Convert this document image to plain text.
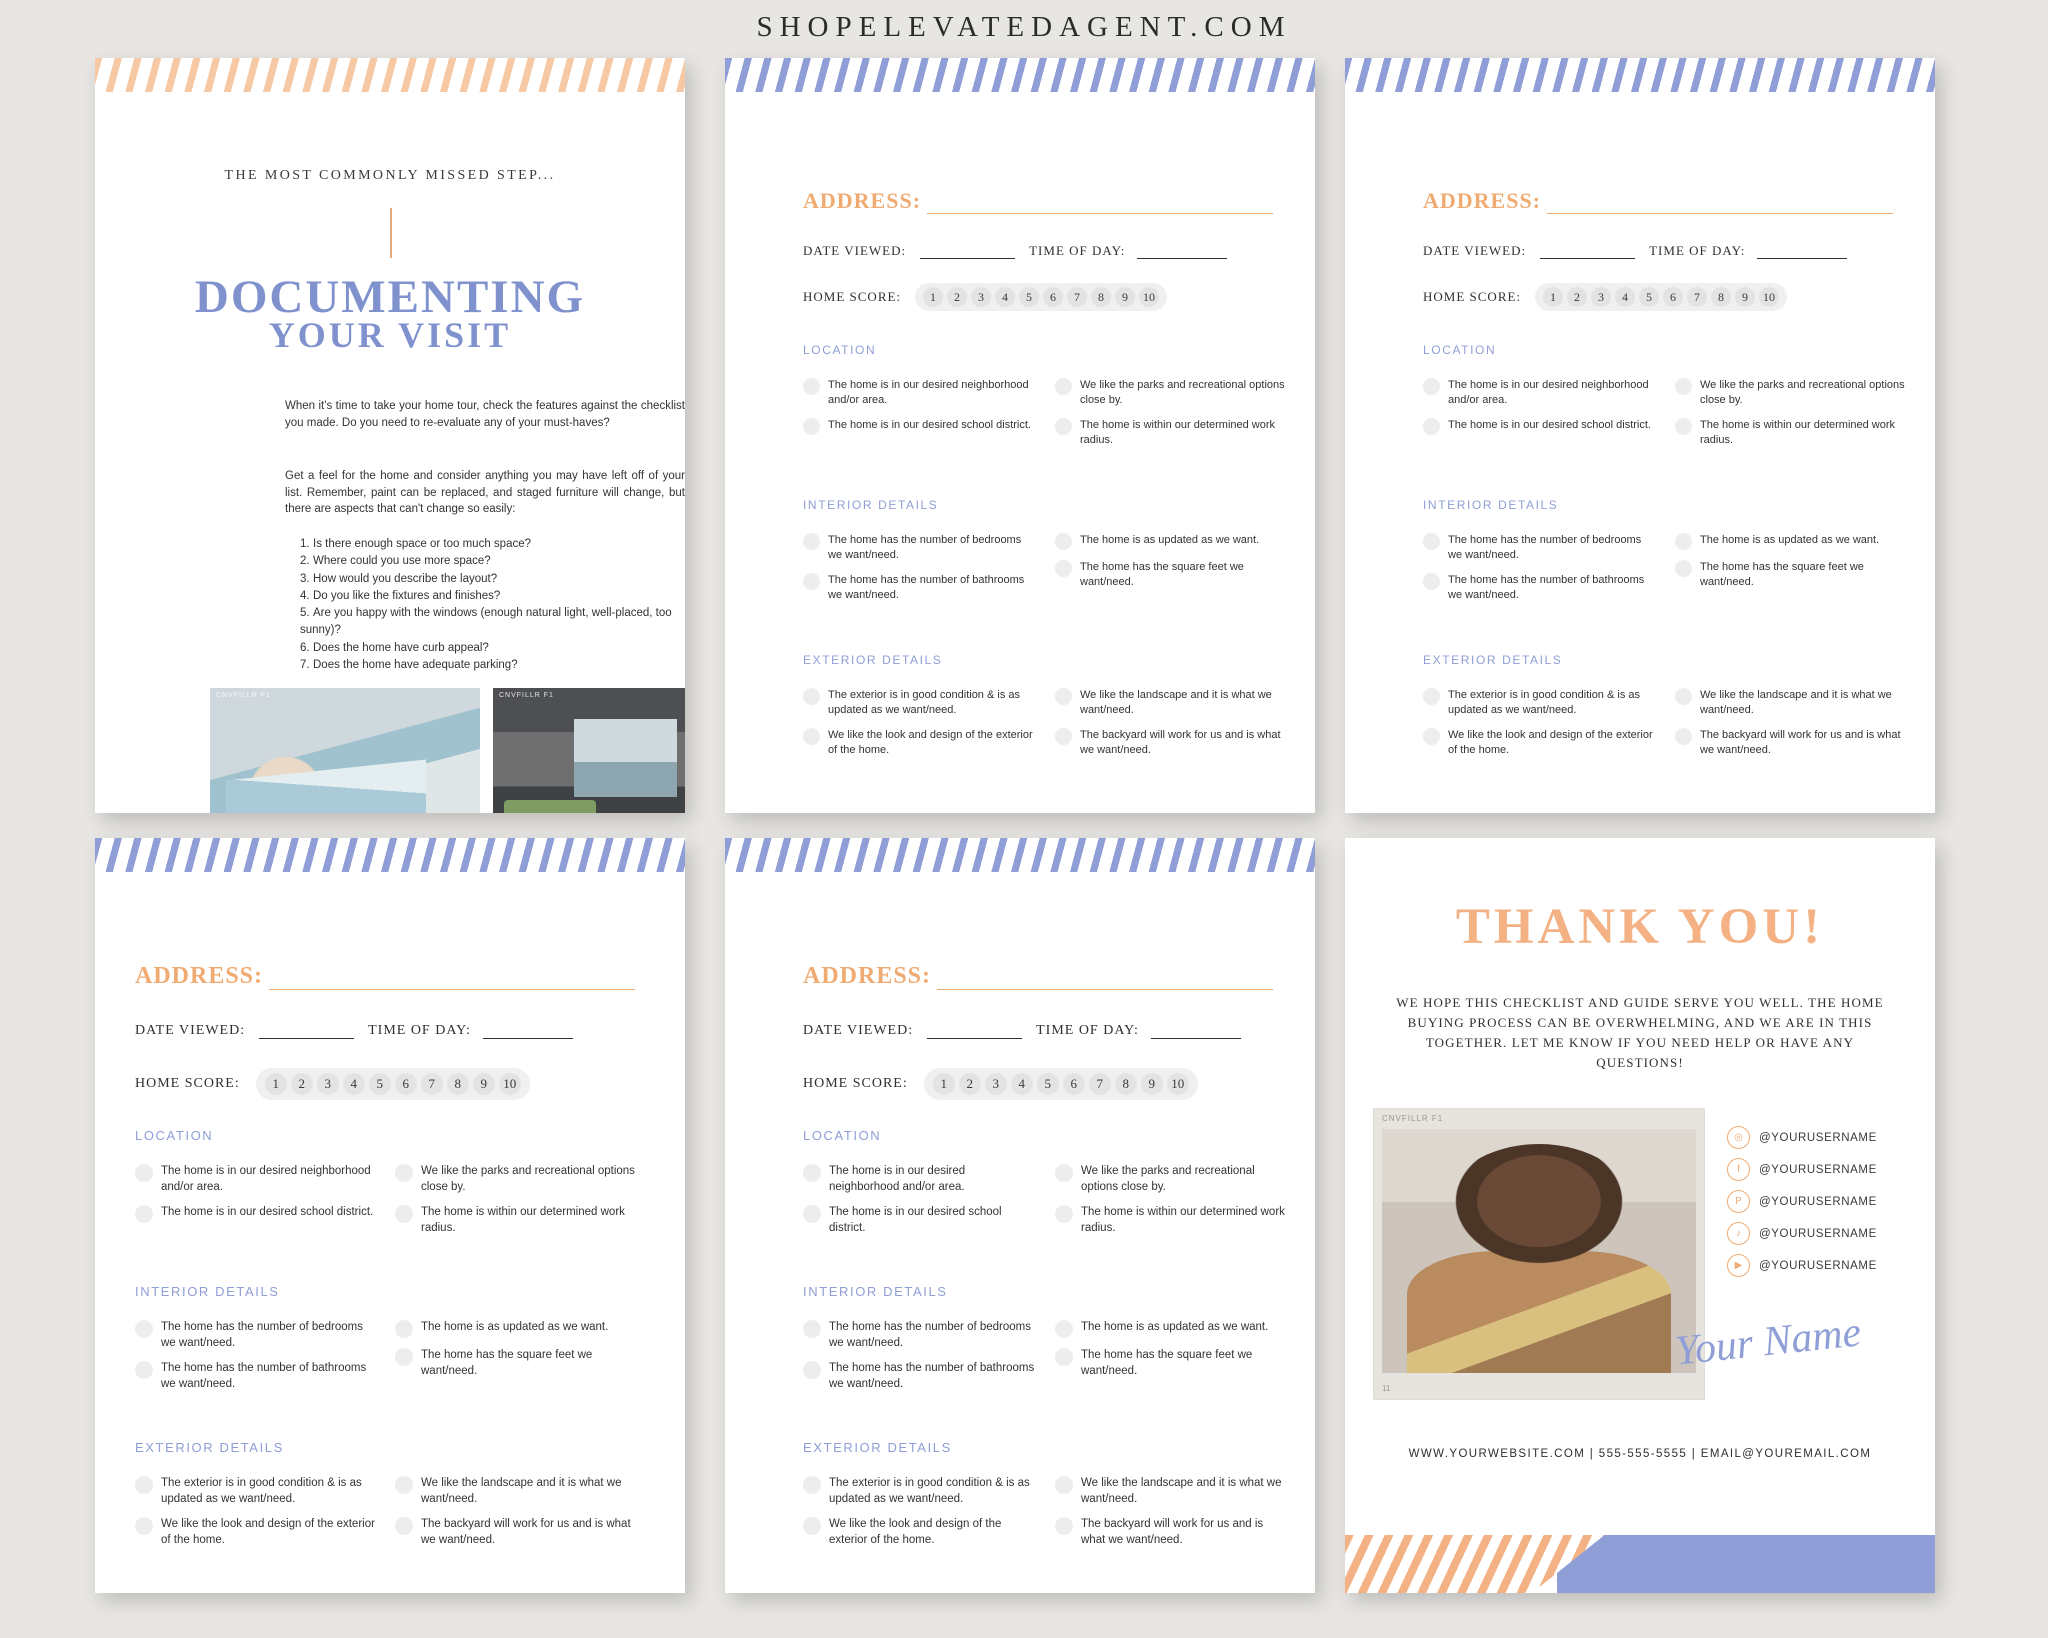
SHOPELEVATEDAGENT.COM
THE MOST COMMONLY MISSED STEP...
DOCUMENTING
YOUR VISIT
When it's time to take your home tour, check the features against the checklist you made. Do you need to re-evaluate any of your must-haves?
Get a feel for the home and consider anything you may have left off of your list. Remember, paint can be replaced, and staged furniture will change, but there are aspects that can't change so easily:
1. Is there enough space or too much space?
2. Where could you use more space?
3. How would you describe the layout?
4. Do you like the fixtures and finishes?
5. Are you happy with the windows (enough natural light, well-placed, too sunny)?
6. Does the home have curb appeal?
7. Does the home have adequate parking?
CNVFILLR F1	CNVFILLR F1
ADDRESS:
DATE VIEWED:	TIME OF DAY:
HOME SCORE:	1	2	3	4	5	6	7	8	9	10
LOCATION
The home is in our desired neighborhood and/or area.
The home is in our desired school district.
We like the parks and recreational options close by.
The home is within our determined work radius.
INTERIOR DETAILS
The home has the number of bedrooms we want/need.
The home has the number of bathrooms we want/need.
The home is as updated as we want.
The home has the square feet we want/need.
EXTERIOR DETAILS
The exterior is in good condition & is as updated as we want/need.
We like the look and design of the exterior of the home.
We like the landscape and it is what we want/need.
The backyard will work for us and is what we want/need.
ADDRESS:
DATE VIEWED:	TIME OF DAY:
HOME SCORE:	1	2	3	4	5	6	7	8	9	10
LOCATION
The home is in our desired neighborhood and/or area.
The home is in our desired school district.
We like the parks and recreational options close by.
The home is within our determined work radius.
INTERIOR DETAILS
The home has the number of bedrooms we want/need.
The home has the number of bathrooms we want/need.
The home is as updated as we want.
The home has the square feet we want/need.
EXTERIOR DETAILS
The exterior is in good condition & is as updated as we want/need.
We like the look and design of the exterior of the home.
We like the landscape and it is what we want/need.
The backyard will work for us and is what we want/need.
ADDRESS:
DATE VIEWED:	TIME OF DAY:
HOME SCORE:	1	2	3	4	5	6	7	8	9	10
LOCATION
The home is in our desired neighborhood and/or area.
The home is in our desired school district.
We like the parks and recreational options close by.
The home is within our determined work radius.
INTERIOR DETAILS
The home has the number of bedrooms we want/need.
The home has the number of bathrooms we want/need.
The home is as updated as we want.
The home has the square feet we want/need.
EXTERIOR DETAILS
The exterior is in good condition & is as updated as we want/need.
We like the look and design of the exterior of the home.
We like the landscape and it is what we want/need.
The backyard will work for us and is what we want/need.
ADDRESS:
DATE VIEWED:	TIME OF DAY:
HOME SCORE:	1	2	3	4	5	6	7	8	9	10
LOCATION
The home is in our desired neighborhood and/or area.
The home is in our desired school district.
We like the parks and recreational options close by.
The home is within our determined work radius.
INTERIOR DETAILS
The home has the number of bedrooms we want/need.
The home has the number of bathrooms we want/need.
The home is as updated as we want.
The home has the square feet we want/need.
EXTERIOR DETAILS
The exterior is in good condition & is as updated as we want/need.
We like the look and design of the exterior of the home.
We like the landscape and it is what we want/need.
The backyard will work for us and is what we want/need.
THANK YOU!
WE HOPE THIS CHECKLIST AND GUIDE SERVE YOU WELL. THE HOME BUYING PROCESS CAN BE OVERWHELMING, AND WE ARE IN THIS TOGETHER. LET ME KNOW IF YOU NEED HELP OR HAVE ANY QUESTIONS!
CNVFILLR F1
11
◎	@YOURUSERNAME
f	@YOURUSERNAME
P	@YOURUSERNAME
♪	@YOURUSERNAME
▶	@YOURUSERNAME
Your Name
WWW.YOURWEBSITE.COM | 555-555-5555 | EMAIL@YOUREMAIL.COM
